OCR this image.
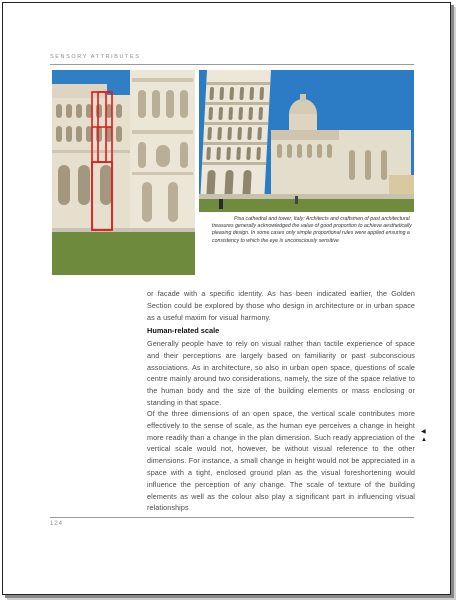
SENSORY ATTRIBUTES
◀ ▲
Pisa cathedral and tower, Italy: Architects and craftsmen of past architectural treasures generally acknowledged the value of good proportion to achieve aesthetically pleasing design. In some cases only simple proportional rules were applied ensuring a consistency to which the eye is unconsciously sensitive

or facade with a specific identity. As has been indicated earlier, the Golden Section could be explored by those who design in architecture or in urban space as a useful maxim for visual harmony.

Human-related scale

Generally people have to rely on visual rather than tactile experience of space and their perceptions are largely based on familiarity or past subconscious associations. As in architecture, so also in urban open space, questions of scale centre mainly around two considerations, namely, the size of the space relative to the human body and the size of the building elements or mass enclosing or standing in that space.

Of the three dimensions of an open space, the vertical scale contributes more effectively to the sense of scale, as the human eye perceives a change in height more readily than a change in the plan dimension. Such ready appreciation of the vertical scale would not, however, be without visual reference to the other dimensions. For instance, a small change in height would not be appreciated in a space with a tight, enclosed ground plan as the visual foreshortening would influence the perception of any change. The scale of texture of the building elements as well as the colour also play a significant part in influencing visual relationships

124
